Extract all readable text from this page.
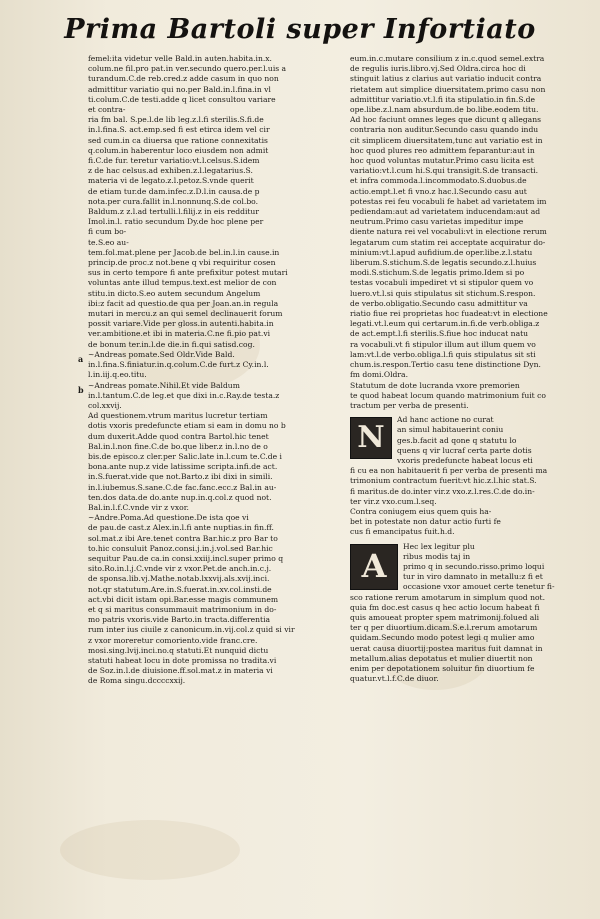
Prima Bartoli super Infortiato
a
b
femel:ita videtur velle Bald.in auten.habita.in.x.
colum.ne fil.pro pat.in ver.secundo quero.per.l.uis a
turandum.C.de reb.cred.z adde casum in quo non
admittitur variatio qui no.per Bald.in.l.fina.in vl
ti.colum.C.de testi.adde q licet consultou variare
et contra-
ria fm bal. S.pe.l.de lib leg.z.l.fi sterilis.S.fi.de
in.l.fina.S. act.emp.sed fi est etirca idem vel cir
sed cum.in ca diuersa que ratione connexitatis
q.colum.in haberentur loco eiusdem non admit
fi.C.de fur. teretur variatio:vt.l.celsus.S.idem
z de hac celsus.ad exhiben.z.l.legatarius.S.
materia vi de legato.z.l.petoz.S.vnde querit
de etiam tur.de dam.infec.z.D.l.in causa.de p
nota.per cura.fallit in.l.nonnunq.S.de col.bo.
Baldum.z z.l.ad tertulli.l.filij.z in eis redditur
Imol.in.l. ratio secundum Dy.de hoc plene per
fi cum bo-
te.S.eo au-
tem.fol.mat.plene per Jacob.de bel.in.l.in cause.in
princip.de proc.z not.bene q vbi requiritur cosen
sus in certo tempore fi ante prefixitur potest mutari
voluntas ante illud tempus.text.est melior de con
stitu.in dicto.S.eo autem secundum Angelum
ibi:z facit ad questio.de qua per Joan.an.in regula
mutari in mercu.z an qui semel declinauerit forum
possit variare.Vide per gloss.in autenti.habita.in
ver.ambitione.et ibi in materia.C.ne fi.pio pat.vi
de bonum ter.in.l.de die.in fi.qui satisd.cog.
~Andreas pomate.Sed Oldr.Vide Bald.
in.l.fina.S.finiatur.in.q.colum.C.de furt.z Cy.in.l.
l.in.iij.q.eo.titu.
~Andreas pomate.Nihil.Et vide Baldum
in.l.tantum.C.de leg.et que dixi in.c.Ray.de testa.z
col.xxvij.
Ad questionem.vtrum maritus lucretur tertiam
dotis vxoris predefuncte etiam si eam in domu no b
dum duxerit.Adde quod contra Bartol.hic tenet
Bal.in.l.non fine.C.de bo.que liber.z in.l.no de o
bis.de episco.z cler.per Salic.late in.l.cum te.C.de i
bona.ante nup.z vide latissime scripta.infi.de act.
in.S.fuerat.vide que not.Barto.z ibi dixi in simili.
in.l.iubemus.S.sane.C.de fac.fanc.ecc.z Bal.in au-
ten.dos data.de do.ante nup.in.q.col.z quod not.
Bal.in.l.f.C.vnde vir z vxor.
~Andre.Poma.Ad questione.De ista qoe vi
de pau.de cast.z Alex.in.l.fi ante nuptias.in fin.ff.
sol.mat.z ibi Are.tenet contra Bar.hic.z pro Bar to
to.hic consuluit Panoz.consi.j.in.j.vol.sed Bar.hic
sequitur Pau.de ca.in consi.xxiij.incl.super primo q
sito.Ro.in.l.j.C.vnde vir z vxor.Pet.de anch.in.c.j.
de sponsa.lib.vj.Mathe.notab.lxxvij.als.xvij.inci.
not.qr statutum.Are.in.S.fuerat.in.xv.col.insti.de
act.vbi dicit istam opi.Bar.esse magis communem
et q si maritus consummauit matrimonium in do-
mo patris vxoris.vide Barto.in tracta.differentia
rum inter ius ciuile z canonicum.in.vij.col.z quid si vir
z vxor moreretur comoriento.vide franc.cre.
mosi.sing.lvij.inci.no.q statuti.Et nunquid dictu
statuti habeat locu in dote promissa no tradita.vi
de Soz.in.l.de diuisione.ff.sol.mat.z in materia vi
de Roma singu.dccccxxij.
eum.in.c.mutare consilium z in.c.quod semel.extra
de regulis iuris.libro.vj.Sed Oldra.circa hoc di
stinguit latius z clarius aut variatio inducit contra
rietatem aut simplice diuersitatem.primo casu non
admittitur variatio.vt.l.fi ita stipulatio.in fin.S.de
ope.libe.z.l.nam absurdum.de bo.libe.eodem titu.
Ad hoc faciunt omnes leges que dicunt q allegans
contraria non auditur.Secundo casu quando indu
cit simplicem diuersitatem,tunc aut variatio est in
hoc quod plures reo admittem feparantur:aut in
hoc quod voluntas mutatur.Primo casu licita est
variatio:vt.l.cum hi.S.qui transigit.S.de transacti.
et infra commoda.l.incommodato.S.duobus.de
actio.empt.l.et fi vno.z hac.l.Secundo casu aut
potestas rei feu vocabuli fe habet ad varietatem im
pediendam:aut ad varietatem inducendam:aut ad
neutrum.Primo casu varietas impeditur impe
diente natura rei vel vocabuli:vt in electione rerum
legatarum cum statim rei acceptate acquiratur do-
minium:vt.l.apud aufidium.de oper.libe.z.l.statu
liberum.S.stichum.S.de legatis secundo.z.l.huius
modi.S.stichum.S.de legatis primo.Idem si po
testas vocabuli impediret vt si stipulor quem vo
luero.vt.l.si quis stipulatus sit stichum.S.respon.
de verbo.obligatio.Secundo casu admittitur va
riatio fiue rei proprietas hoc fuadeat:vt in electione
legati.vt.l.eum qui certarum.in.fi.de verb.obliga.z
de act.empt.l.fi sterilis.S.fiue hoc inducat natu
ra vocabuli.vt fi stipulor illum aut illum quem vo
lam:vt.l.de verbo.obliga.l.fi quis stipulatus sit sti
chum.is.respon.Tertio casu tene distinctione Dyn.
fm domi.Oldra.
Statutum de dote lucranda vxore premorien
te quod habeat locum quando matrimonium fuit co
tractum per verba de presenti.
N
Ad hanc actione no curat
an simul habitauerint coniu
ges.b.facit ad qone q statutu lo
quens q vir lucraf certa parte dotis
vxoris predefuncte habeat locus eti
fi cu ea non habitauerit fi per verba de presenti ma
trimonium contractum fuerit:vt hic.z.l.hic stat.S.
fi maritus.de do.inter vir.z vxo.z.l.res.C.de do.in-
ter vir.z vxo.cum.l.seq.
Contra coniugem eius quem quis ha-
bet in potestate non datur actio furti fe
cus fi emancipatus fuit.h.d.
A
Hec lex legitur plu
ribus modis taj in
primo q in secundo.risso.primo loqui
tur in viro damnato in metallu:z fi et
occasione vxor amouet certe tenetur fi-
sco ratione rerum amotarum in simplum quod not.
quia fm doc.est casus q hec actio locum habeat fi
quis amoueat propter spem matrimonij.folued ali
ter q per diuortium.dicam.S.e.l.rerum amotarum
quidam.Secundo modo potest legi q mulier amo
uerat causa diuortij:postea maritus fuit damnat in
metallum.alias depotatus et mulier diuertit non
enim per depotationem soluitur fin diuortium fe
quatur.vt.l.f.C.de diuor.
